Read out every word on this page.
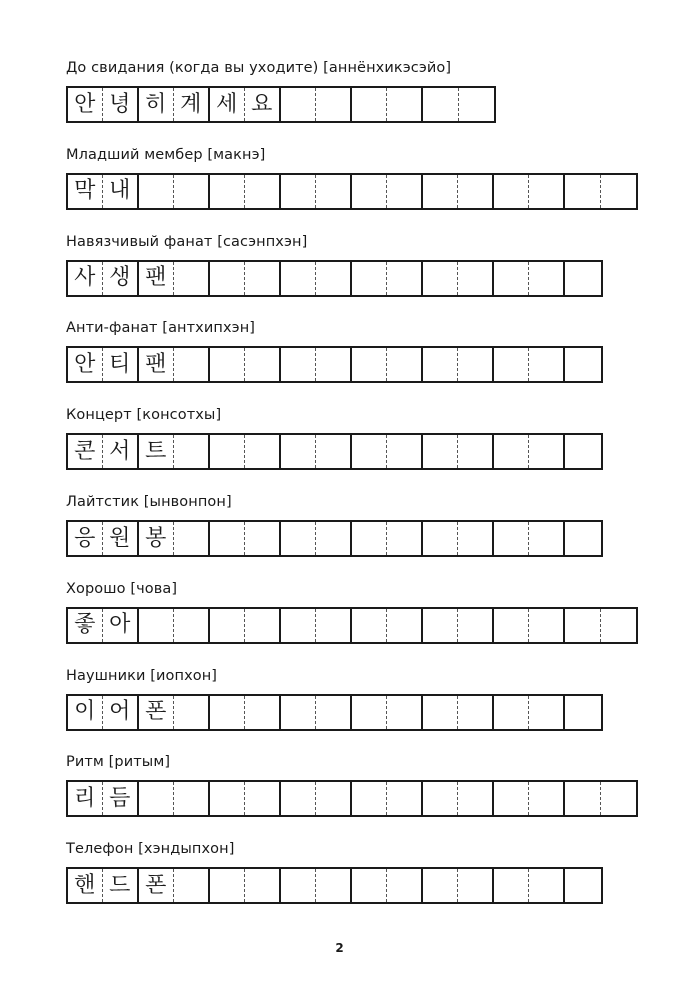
До свидания (когда вы уходите) [аннёнхикэсэйо]
안 녕 히 계 세 요
Младший мембер [макнэ]
막 내
Навязчивый фанат [сасэнпхэн]
사 생 팬
Анти-фанат [антхипхэн]
안 티 팬
Концерт [консотхы]
콘 서 트
Лайтстик [ынвонпон]
응 원 봉
Хорошо [чова]
좋 아
Наушники [иопхон]
이 어 폰
Ритм [ритым]
리 듬
Телефон [хэндыпхон]
핸 드 폰
2
